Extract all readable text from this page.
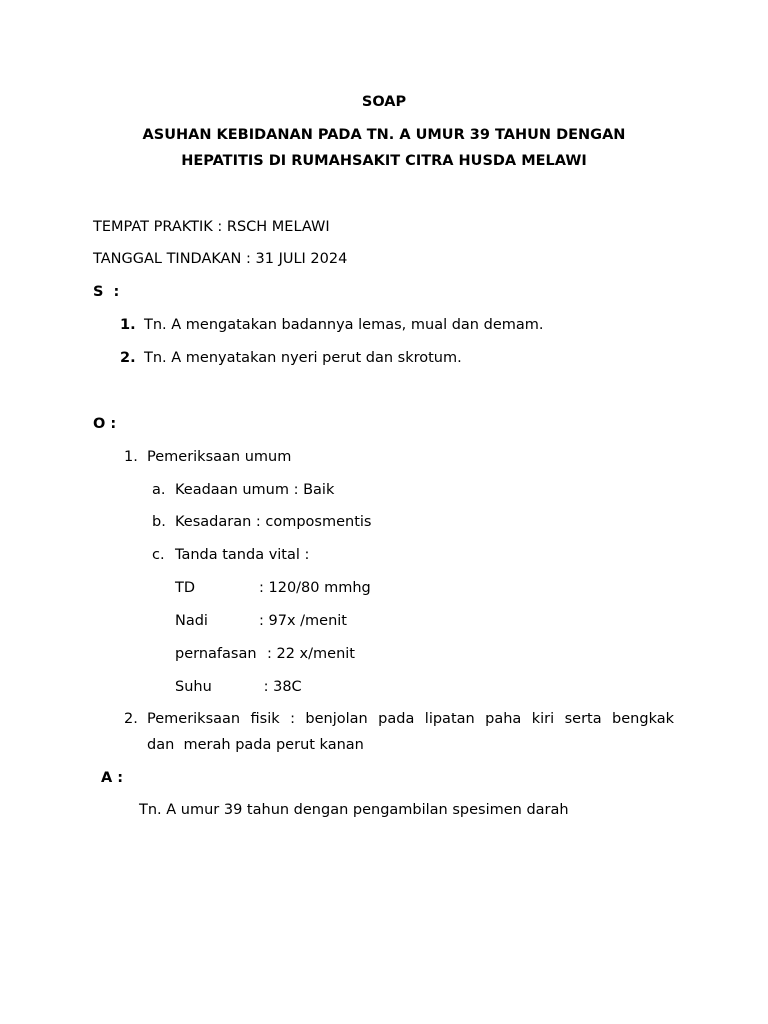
SOAP
ASUHAN KEBIDANAN PADA TN. A UMUR 39 TAHUN DENGAN
HEPATITIS DI RUMAHSAKIT CITRA HUSDA MELAWI
TEMPAT PRAKTIK : RSCH MELAWI
TANGGAL TINDAKAN : 31 JULI 2024
S  :
1. Tn. A mengatakan badannya lemas, mual dan demam.
2. Tn. A menyatakan nyeri perut dan skrotum.
O :
1. Pemeriksaan umum
a. Keadaan umum : Baik
b. Kesadaran : composmentis
c. Tanda tanda vital :
TD	: 120/80 mmhg
Nadi	: 97x /menit
pernafasan : 22 x/menit
Suhu	: 38C
2. Pemeriksaan fisik : benjolan pada lipatan paha kiri serta bengkak
dan  merah pada perut kanan
A :
Tn. A umur 39 tahun dengan pengambilan spesimen darah
